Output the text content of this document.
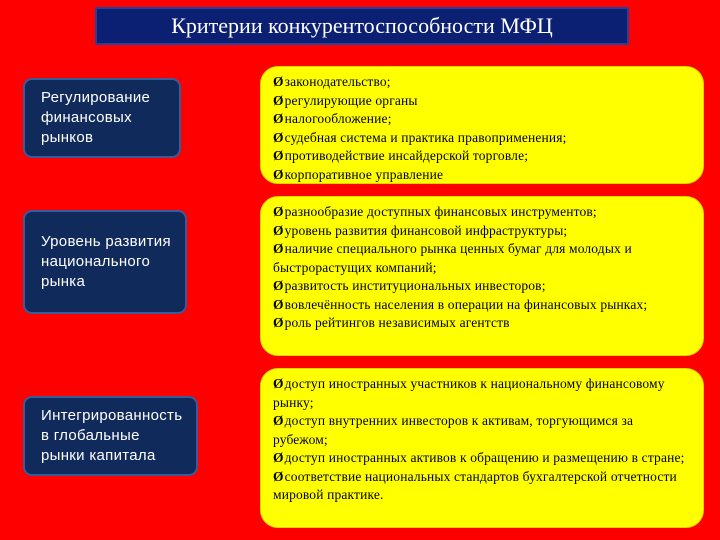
Критерии конкурентоспособности МФЦ
Регулирование финансовых рынков
Øзаконодательство;
Øрегулирующие органы
Øналогообложение;
Øсудебная система и практика правоприменения;
Øпротиводействие инсайдерской торговле;
Øкорпоративное управление
Уровень развития национального рынка
Øразнообразие доступных финансовых инструментов;
Øуровень развития финансовой инфраструктуры;
Øналичие специального рынка ценных бумаг для молодых и быстрорастущих компаний;
Øразвитость институциональных инвесторов;
Øвовлечённость населения в операции на финансовых рынках;
Øроль рейтингов независимых агентств
Интегрированность в глобальные рынки капитала
Øдоступ иностранных участников к национальному финансовому рынку;
Øдоступ внутренних инвесторов к активам, торгующимся за рубежом;
Øдоступ иностранных активов к обращению и размещению в стране;
Øсоответствие национальных стандартов бухгалтерской отчетности мировой практике.
